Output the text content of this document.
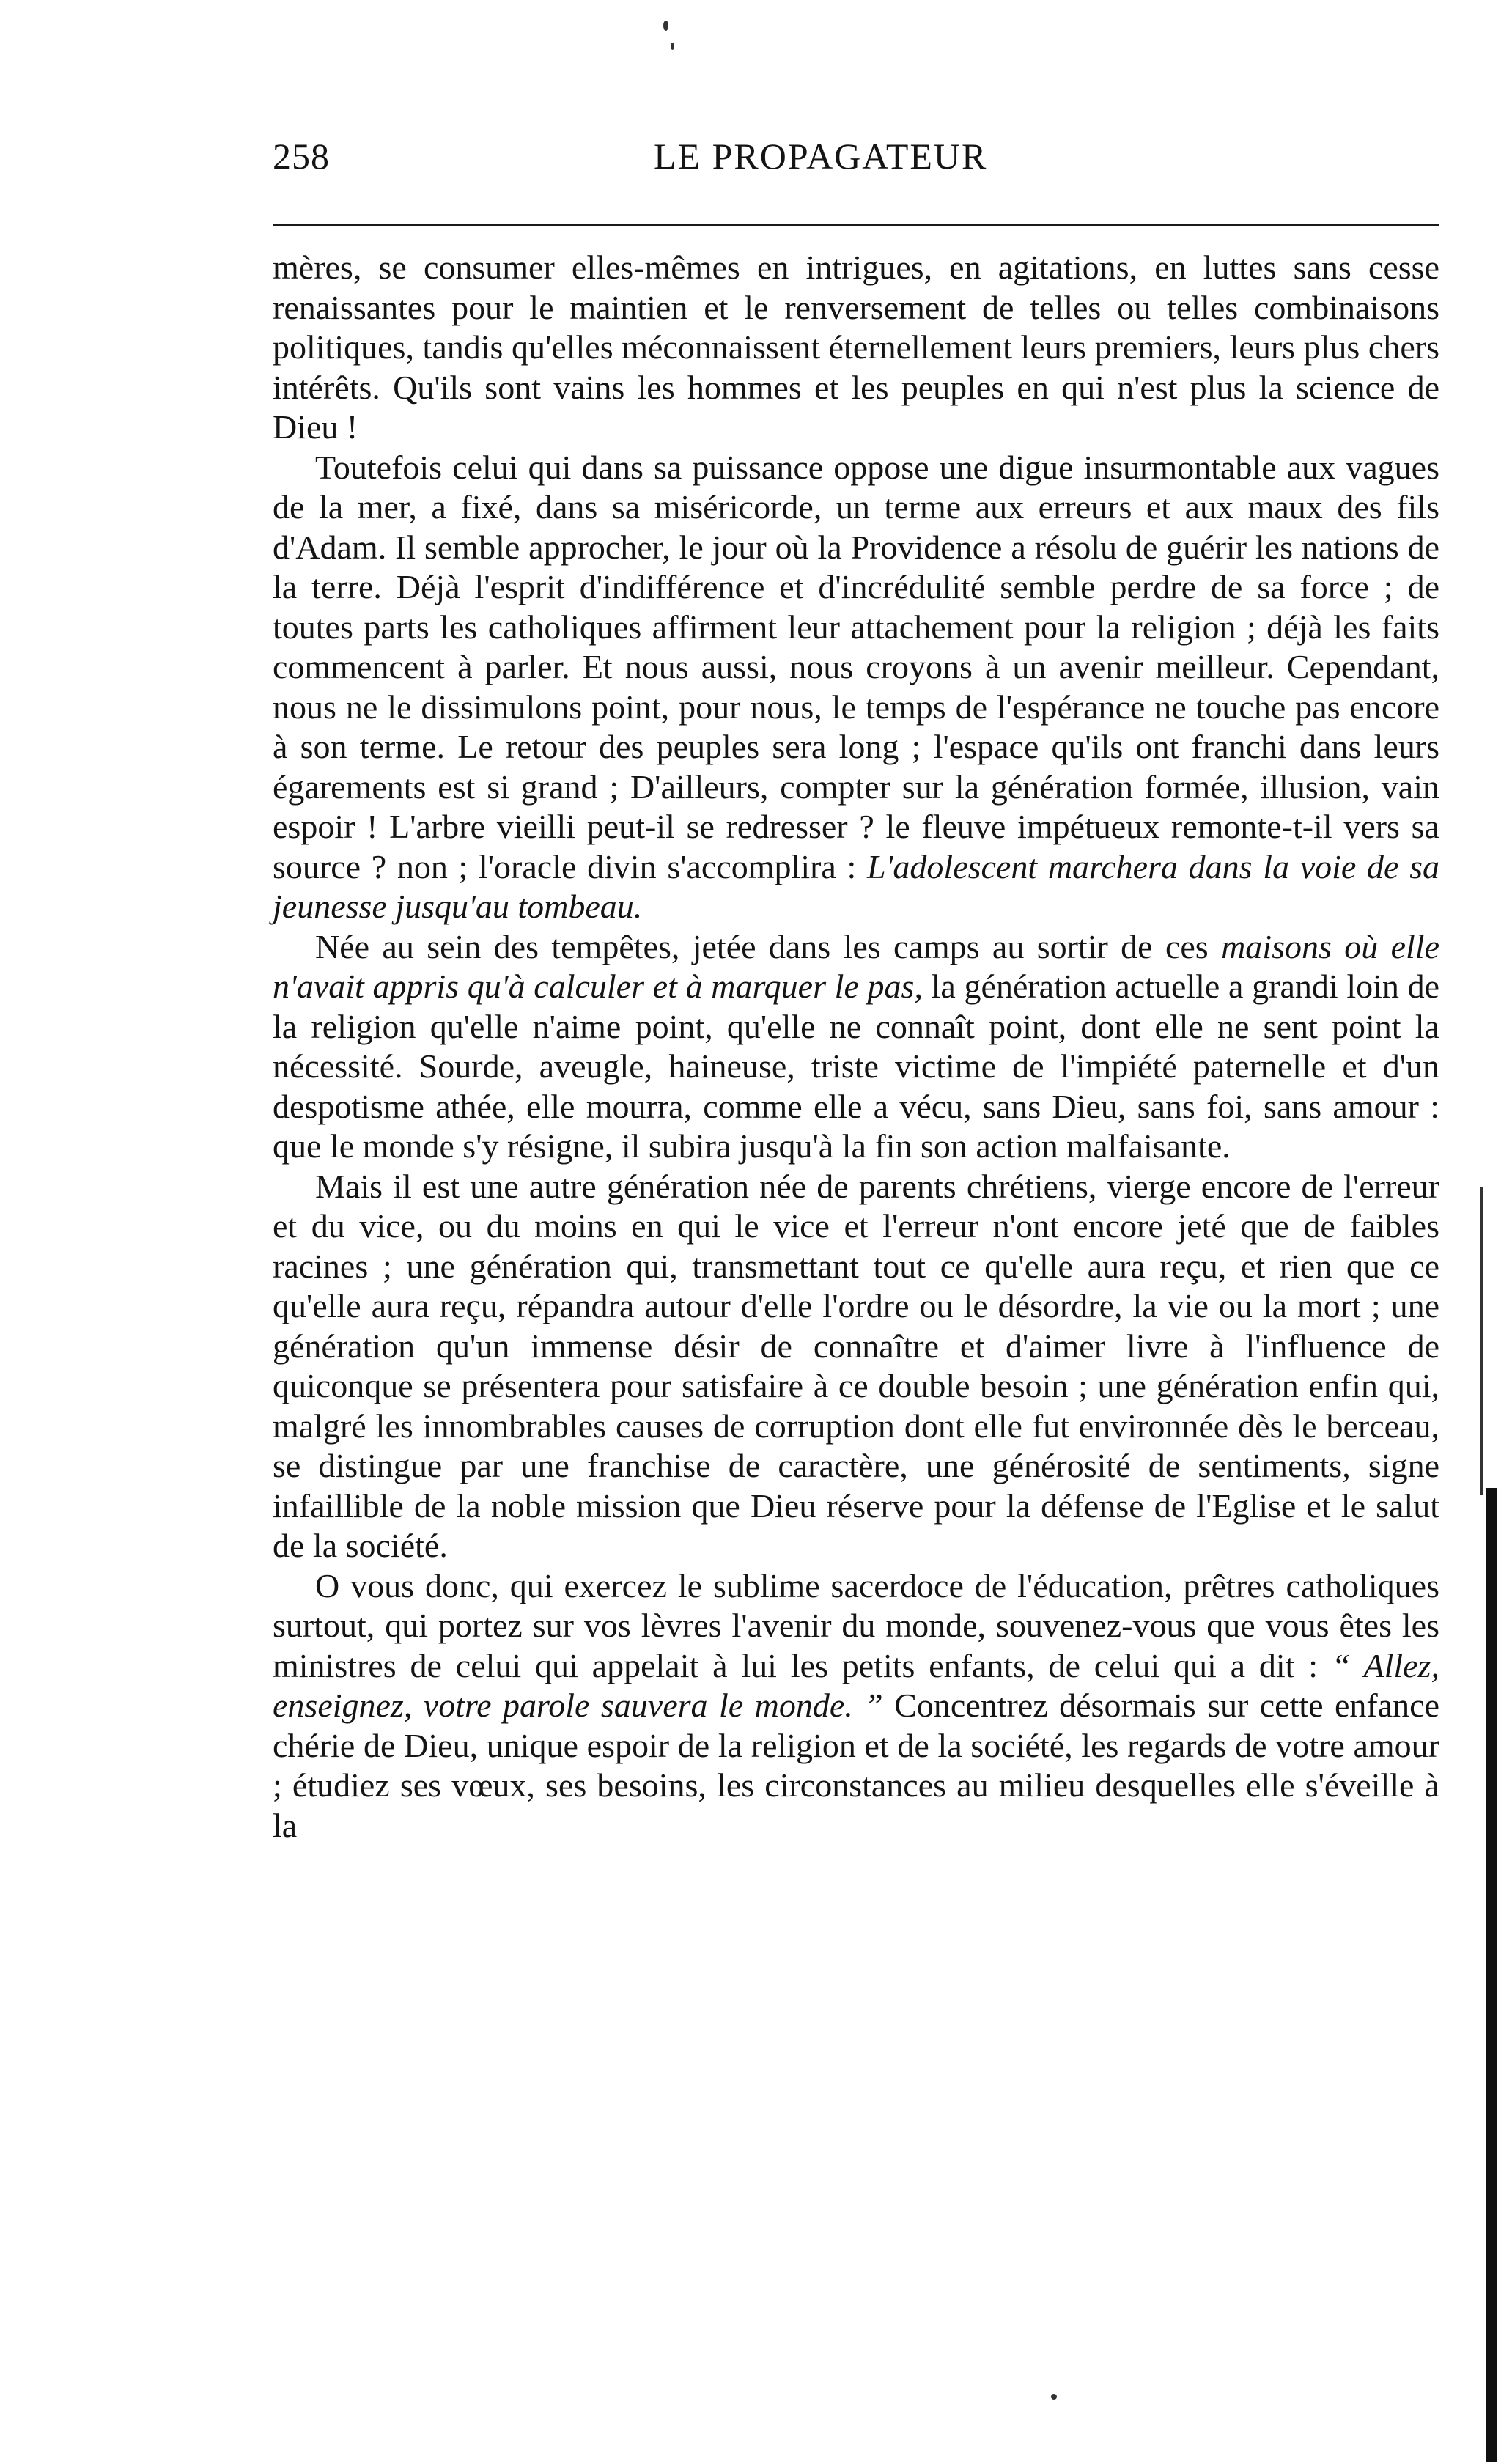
258	LE PROPAGATEUR

mères, se consumer elles-mêmes en intrigues, en agitations, en luttes sans cesse renaissantes pour le maintien et le renversement de telles ou telles combinaisons politiques, tandis qu'elles méconnaissent éternellement leurs premiers, leurs plus chers intérêts. Qu'ils sont vains les hommes et les peuples en qui n'est plus la science de Dieu !

Toutefois celui qui dans sa puissance oppose une digue insurmontable aux vagues de la mer, a fixé, dans sa miséricorde, un terme aux erreurs et aux maux des fils d'Adam. Il semble approcher, le jour où la Providence a résolu de guérir les nations de la terre. Déjà l'esprit d'indifférence et d'incrédulité semble perdre de sa force ; de toutes parts les catholiques affirment leur attachement pour la religion ; déjà les faits commencent à parler. Et nous aussi, nous croyons à un avenir meilleur. Cependant, nous ne le dissimulons point, pour nous, le temps de l'espérance ne touche pas encore à son terme. Le retour des peuples sera long ; l'espace qu'ils ont franchi dans leurs égarements est si grand ; D'ailleurs, compter sur la génération formée, illusion, vain espoir ! L'arbre vieilli peut-il se redresser ? le fleuve impétueux remonte-t-il vers sa source ? non ; l'oracle divin s'accomplira : L'adolescent marchera dans la voie de sa jeunesse jusqu'au tombeau.

Née au sein des tempêtes, jetée dans les camps au sortir de ces maisons où elle n'avait appris qu'à calculer et à marquer le pas, la génération actuelle a grandi loin de la religion qu'elle n'aime point, qu'elle ne connaît point, dont elle ne sent point la nécessité. Sourde, aveugle, haineuse, triste victime de l'impiété paternelle et d'un despotisme athée, elle mourra, comme elle a vécu, sans Dieu, sans foi, sans amour : que le monde s'y résigne, il subira jusqu'à la fin son action malfaisante.

Mais il est une autre génération née de parents chrétiens, vierge encore de l'erreur et du vice, ou du moins en qui le vice et l'erreur n'ont encore jeté que de faibles racines ; une génération qui, transmettant tout ce qu'elle aura reçu, et rien que ce qu'elle aura reçu, répandra autour d'elle l'ordre ou le désordre, la vie ou la mort ; une génération qu'un immense désir de connaître et d'aimer livre à l'influence de quiconque se présentera pour satisfaire à ce double besoin ; une génération enfin qui, malgré les innombrables causes de corruption dont elle fut environnée dès le berceau, se distingue par une franchise de caractère, une générosité de sentiments, signe infaillible de la noble mission que Dieu réserve pour la défense de l'Eglise et le salut de la société.

O vous donc, qui exercez le sublime sacerdoce de l'éducation, prêtres catholiques surtout, qui portez sur vos lèvres l'avenir du monde, souvenez-vous que vous êtes les ministres de celui qui appelait à lui les petits enfants, de celui qui a dit : “ Allez, enseignez, votre parole sauvera le monde. ” Concentrez désormais sur cette enfance chérie de Dieu, unique espoir de la religion et de la société, les regards de votre amour ; étudiez ses vœux, ses besoins, les circonstances au milieu desquelles elle s'éveille à la
